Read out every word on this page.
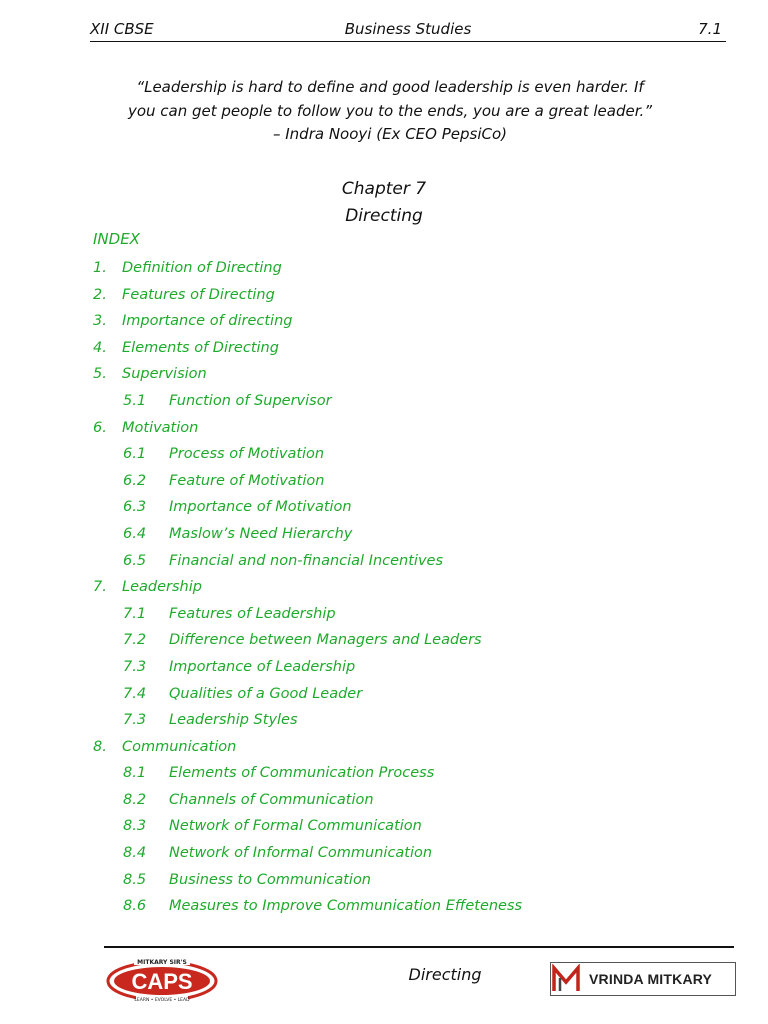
XII CBSE	Business Studies	7.1
“Leadership is hard to define and good leadership is even harder. If
you can get people to follow you to the ends, you are a great leader.”
– Indra Nooyi (Ex CEO PepsiCo)
Chapter 7
Directing
INDEX
1. Definition of Directing
2. Features of Directing
3. Importance of directing
4. Elements of Directing
5. Supervision
5.1 Function of Supervisor
6. Motivation
6.1 Process of Motivation
6.2 Feature of Motivation
6.3 Importance of Motivation
6.4 Maslow’s Need Hierarchy
6.5 Financial and non-financial Incentives
7. Leadership
7.1 Features of Leadership
7.2 Difference between Managers and Leaders
7.3 Importance of Leadership
7.4 Qualities of a Good Leader
7.3 Leadership Styles
8. Communication
8.1 Elements of Communication Process
8.2 Channels of Communication
8.3 Network of Formal Communication
8.4 Network of Informal Communication
8.5 Business to Communication
8.6 Measures to Improve Communication Effeteness
MITKARY SIR'S
CAPS
LEARN • EVOLVE • LEAD
Directing	VRINDA MITKARY
